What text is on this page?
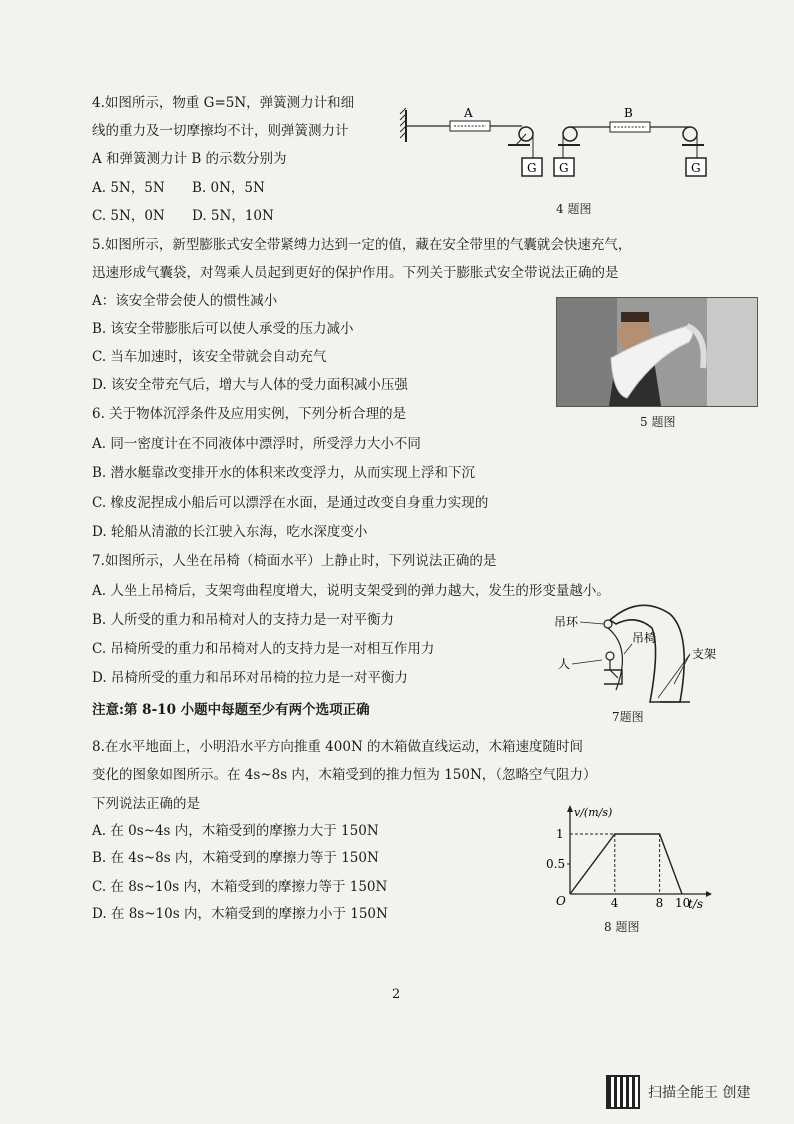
4.如图所示，物重 G=5N，弹簧测力计和细
线的重力及一切摩擦均不计，则弹簧测力计
A 和弹簧测力计 B 的示数分别为
A. 5N，5N B. 0N，5N
C. 5N，0N D. 5N，10N
A
G G
B
G
4 题图
5.如图所示，新型膨胀式安全带紧缚力达到一定的值，藏在安全带里的气囊就会快速充气，
迅速形成气囊袋，对驾乘人员起到更好的保护作用。下列关于膨胀式安全带说法正确的是
A：该安全带会使人的惯性减小
B. 该安全带膨胀后可以使人承受的压力减小
C. 当车加速时，该安全带就会自动充气
D. 该安全带充气后，增大与人体的受力面积减小压强
5 题图
6. 关于物体沉浮条件及应用实例，下列分析合理的是
A. 同一密度计在不同液体中漂浮时，所受浮力大小不同
B. 潜水艇靠改变排开水的体积来改变浮力，从而实现上浮和下沉
C. 橡皮泥捏成小船后可以漂浮在水面，是通过改变自身重力实现的
D. 轮船从清澈的长江驶入东海，吃水深度变小
7.如图所示，人坐在吊椅（椅面水平）上静止时，下列说法正确的是
A. 人坐上吊椅后，支架弯曲程度增大，说明支架受到的弹力越大，发生的形变量越小。
B. 人所受的重力和吊椅对人的支持力是一对平衡力
C. 吊椅所受的重力和吊椅对人的支持力是一对相互作用力
D. 吊椅所受的重力和吊环对吊椅的拉力是一对平衡力
吊环
吊椅
人
支架
7题图
注意:第 8-10 小题中每题至少有两个选项正确
8.在水平地面上，小明沿水平方向推重 400N 的木箱做直线运动，木箱速度随时间
变化的图象如图所示。在 4s~8s 内，木箱受到的推力恒为 150N，（忽略空气阻力）
下列说法正确的是
A. 在 0s~4s 内，木箱受到的摩擦力大于 150N
B. 在 4s~8s 内，木箱受到的摩擦力等于 150N
C. 在 8s~10s 内，木箱受到的摩擦力等于 150N
D. 在 8s~10s 内，木箱受到的摩擦力小于 150N
v/(m/s)
t/s
O
1
0.5
4	8 10
8 题图
2
扫描全能王 创建
